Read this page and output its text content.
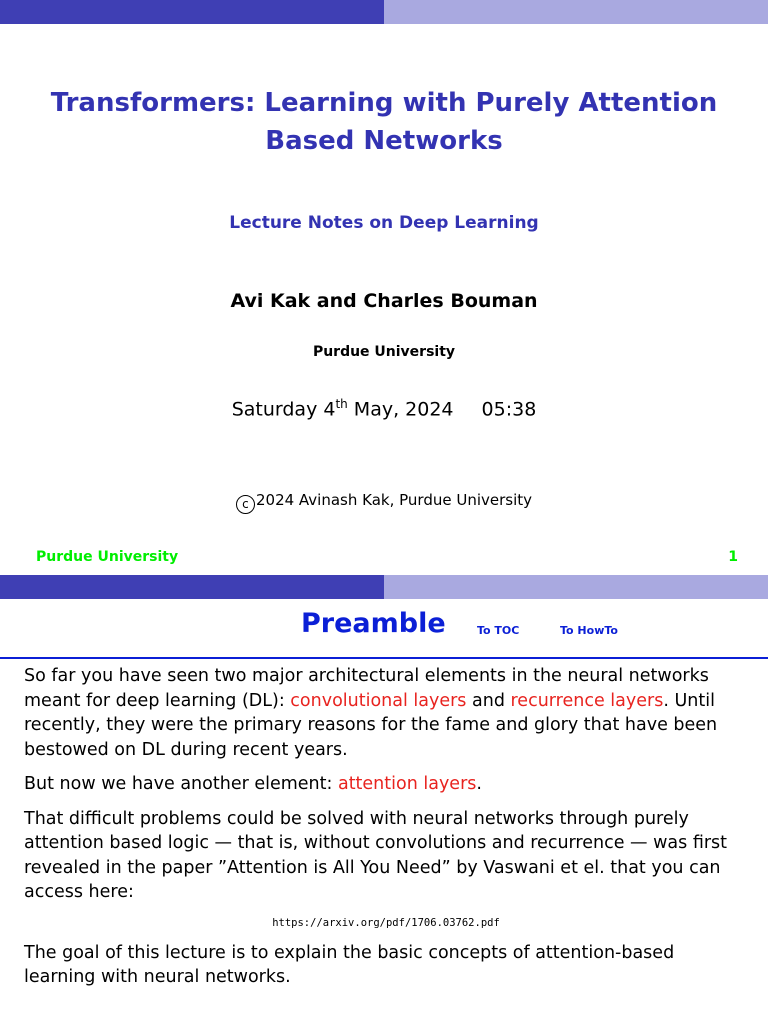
Transformers: Learning with Purely Attention
Based Networks
Lecture Notes on Deep Learning
Avi Kak and Charles Bouman
Purdue University
Saturday 4th May, 2024 05:38
c 2024 Avinash Kak, Purdue University
Purdue University	1
Preamble	To TOC	To HowTo

So far you have seen two major architectural elements in the neural networks meant for deep learning (DL): convolutional layers and recurrence layers. Until recently, they were the primary reasons for the fame and glory that have been bestowed on DL during recent years.

But now we have another element: attention layers.

That difficult problems could be solved with neural networks through purely attention based logic — that is, without convolutions and recurrence — was first revealed in the paper ”Attention is All You Need” by Vaswani et el. that you can access here:

https://arxiv.org/pdf/1706.03762.pdf

The goal of this lecture is to explain the basic concepts of attention-based learning with neural networks.
